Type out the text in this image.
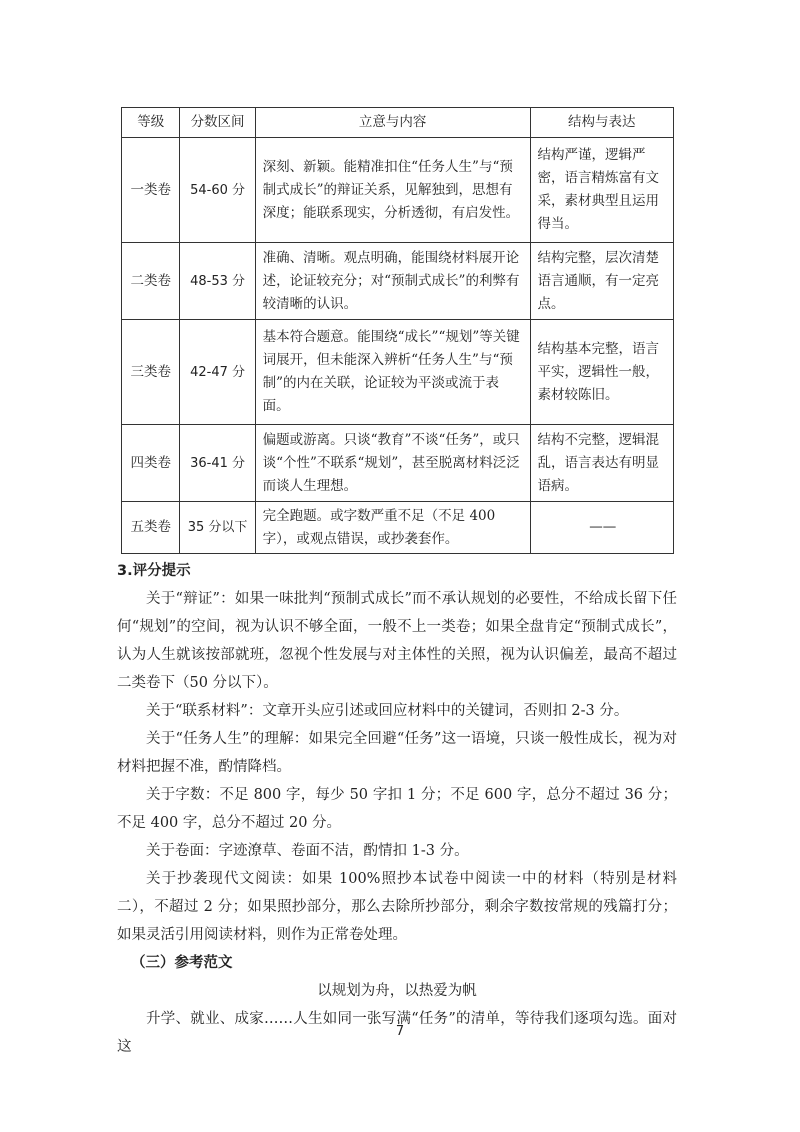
等级	分数区间	立意与内容	结构与表达
一类卷	54-60 分	深刻、新颖。能精准扣住“任务人生”与“预制式成长”的辩证关系，见解独到，思想有深度；能联系现实，分析透彻，有启发性。	结构严谨，逻辑严密，语言精炼富有文采，素材典型且运用得当。
二类卷	48-53 分	准确、清晰。观点明确，能围绕材料展开论述，论证较充分；对“预制式成长”的利弊有较清晰的认识。	结构完整，层次清楚语言通顺，有一定亮点。
三类卷	42-47 分	基本符合题意。能围绕“成长”“规划”等关键词展开，但未能深入辨析“任务人生”与“预制”的内在关联，论证较为平淡或流于表面。	结构基本完整，语言平实，逻辑性一般，素材较陈旧。
四类卷	36-41 分	偏题或游离。只谈“教育”不谈“任务”，或只谈“个性”不联系“规划”，甚至脱离材料泛泛而谈人生理想。	结构不完整，逻辑混乱，语言表达有明显语病。
五类卷	35 分以下	完全跑题。或字数严重不足（不足 400 字），或观点错误，或抄袭套作。	——

3.评分提示

关于“辩证”：如果一味批判“预制式成长”而不承认规划的必要性，不给成长留下任何“规划”的空间，视为认识不够全面，一般不上一类卷；如果全盘肯定“预制式成长”，认为人生就该按部就班，忽视个性发展与对主体性的关照，视为认识偏差，最高不超过二类卷下（50 分以下）。

关于“联系材料”：文章开头应引述或回应材料中的关键词，否则扣 2-3 分。

关于“任务人生”的理解：如果完全回避“任务”这一语境，只谈一般性成长，视为对材料把握不准，酌情降档。

关于字数：不足 800 字，每少 50 字扣 1 分；不足 600 字，总分不超过 36 分；不足 400 字，总分不超过 20 分。

关于卷面：字迹潦草、卷面不洁，酌情扣 1-3 分。

关于抄袭现代文阅读：如果 100%照抄本试卷中阅读一中的材料（特别是材料二），不超过 2 分；如果照抄部分，那么去除所抄部分，剩余字数按常规的残篇打分；如果灵活引用阅读材料，则作为正常卷处理。

（三）参考范文

以规划为舟，以热爱为帆

升学、就业、成家……人生如同一张写满“任务”的清单，等待我们逐项勾选。面对这

7
